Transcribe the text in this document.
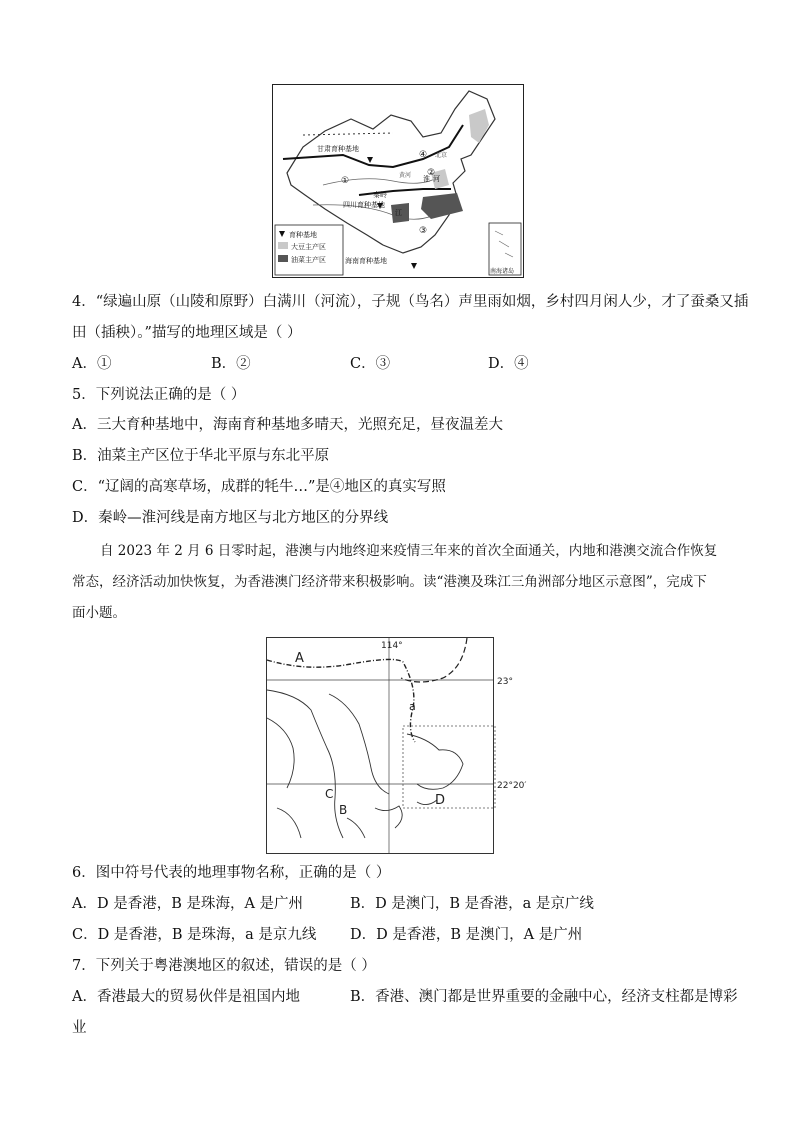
甘肃育种基地
四川育种基地
海南育种基地
秦岭
淮 河
江
北京
黄河
①
②
③
④
育种基地
大豆主产区
油菜主产区
南海诸岛
4．“绿遍山原（山陵和原野）白满川（河流），子规（鸟名）声里雨如烟，乡村四月闲人少，才了蚕桑又插
田（插秧）。”描写的地理区域是（ ）
A．①	B．②	C．③	D．④
5．下列说法正确的是（ ）
A．三大育种基地中，海南育种基地多晴天，光照充足，昼夜温差大
B．油菜主产区位于华北平原与东北平原
C．“辽阔的高寒草场，成群的牦牛…”是④地区的真实写照
D．秦岭—淮河线是南方地区与北方地区的分界线
自 2023 年 2 月 6 日零时起，港澳与内地终迎来疫情三年来的首次全面通关，内地和港澳交流合作恢复
常态，经济活动加快恢复，为香港澳门经济带来积极影响。读“港澳及珠江三角洲部分地区示意图”，完成下
面小题。
114°
23°
22°20′
A
a
C
B
D
6．图中符号代表的地理事物名称，正确的是（ ）
A．D 是香港，B 是珠海，A 是广州	B．D 是澳门，B 是香港，a 是京广线
C．D 是香港，B 是珠海，a 是京九线 D．D 是香港，B 是澳门，A 是广州
7．下列关于粤港澳地区的叙述，错误的是（ ）
A．香港最大的贸易伙伴是祖国内地	B．香港、澳门都是世界重要的金融中心，经济支柱都是博彩
业
